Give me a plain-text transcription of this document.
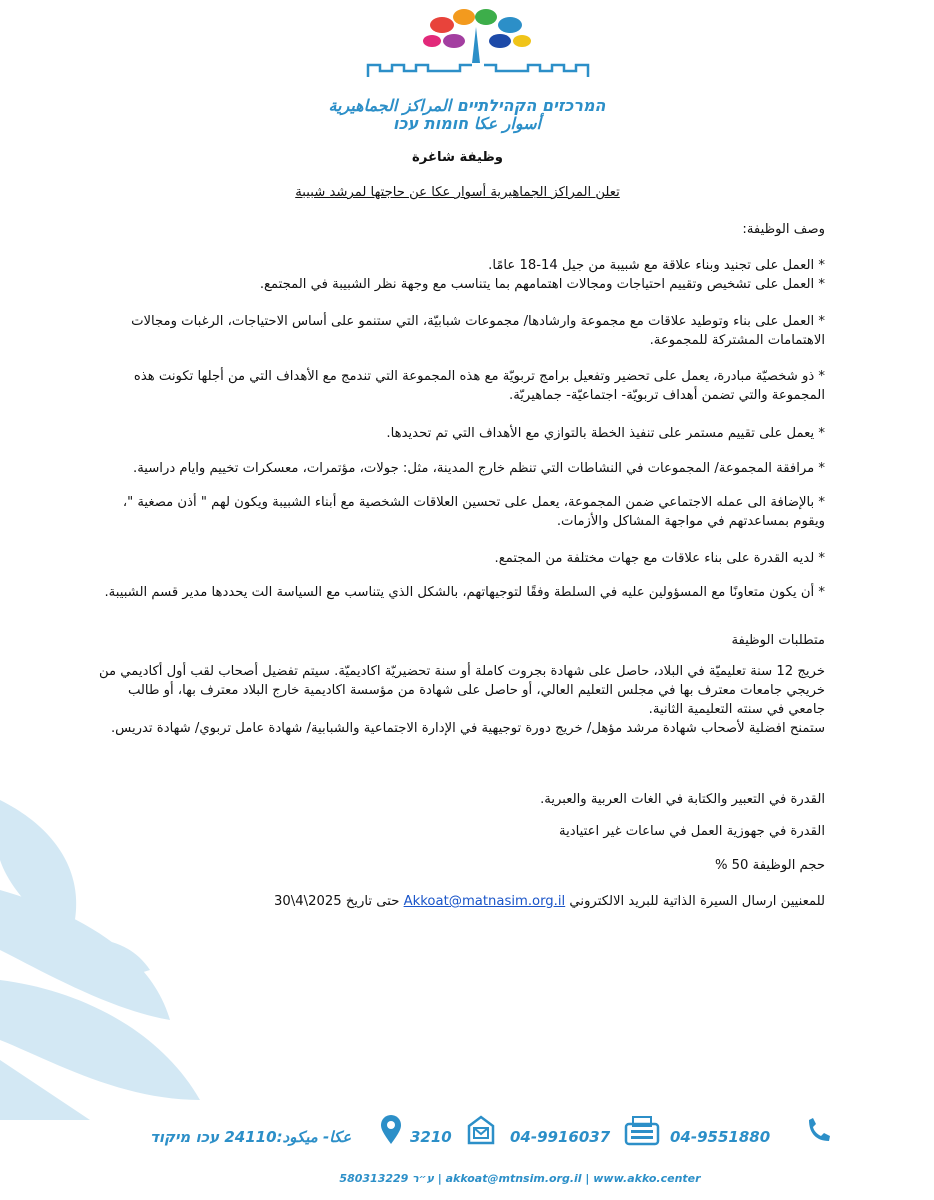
המרכזים הקהילתיים المراكز الجماهيرية
أسوار عكا חומות עכו
وظيفة شاغرة
تعلن المراكز الجماهيرية أسوار عكا عن حاجتها لمرشد شبيبة

وصف الوظيفة:

* العمل على تجنيد وبناء علاقة مع شبيبة من جيل 14-18 عامًا.

* العمل على تشخيص وتقييم احتياجات ومجالات اهتمامهم بما يتناسب مع وجهة نظر الشبيبة في المجتمع.

* العمل على بناء وتوطيد علاقات مع مجموعة وارشادها/ مجموعات شبابيّة، التي ستنمو على أساس الاحتياجات، الرغبات ومجالات الاهتمامات المشتركة للمجموعة.

* ذو شخصيّة مبادرة، يعمل على تحضير وتفعيل برامج تربويّة مع هذه المجموعة التي تندمج مع الأهداف التي من أجلها تكونت هذه المجموعة والتي تضمن أهداف تربويّة- اجتماعيّة- جماهيريّة.

* يعمل على تقييم مستمر على تنفيذ الخطة بالتوازي مع الأهداف التي تم تحديدها.

* مرافقة المجموعة/ المجموعات في النشاطات التي تنظم خارج المدينة، مثل: جولات، مؤتمرات، معسكرات تخييم وايام دراسية.

* بالإضافة الى عمله الاجتماعي ضمن المجموعة، يعمل على تحسين العلاقات الشخصية مع أبناء الشبيبة ويكون لهم " أذن مصغية "، ويقوم بمساعدتهم في مواجهة المشاكل والأزمات.

* لديه القدرة على بناء علاقات مع جهات مختلفة من المجتمع.

* أن يكون متعاونًا مع المسؤولين عليه في السلطة وفقًا لتوجيهاتهم، بالشكل الذي يتناسب مع السياسة الت يحددها مدير قسم الشبيبة.

متطلبات الوظيفة

خريج 12 سنة تعليميّة في البلاد، حاصل على شهادة بجروت كاملة أو سنة تحضيريّة اكاديميّة. سيتم تفضيل أصحاب لقب أول أكاديمي من خريجي جامعات معترف بها في مجلس التعليم العالي، أو حاصل على شهادة من مؤسسة اكاديمية خارج البلاد معترف بها، أو طالب جامعي في سنته التعليمية الثانية.

ستمنح افضلية لأصحاب شهادة مرشد مؤهل/ خريج دورة توجيهية في الإدارة الاجتماعية والشبابية/ شهادة عامل تربوي/ شهادة تدريس.

القدرة في التعبير والكتابة في الغات العربية والعبرية.

القدرة في جهوزية العمل في ساعات غير اعتيادية

حجم الوظيفة 50 %

للمعنيين ارسال السيرة الذاتية للبريد الالكتروني Akkoat@matnasim.org.il حتى تاريخ 2025\4\30
04-9551880
04-9916037
3210
عكا- ميكود:24110 עכו מיקוד
580313229 ע״ר | akkoat@mtnsim.org.il | www.akko.center
